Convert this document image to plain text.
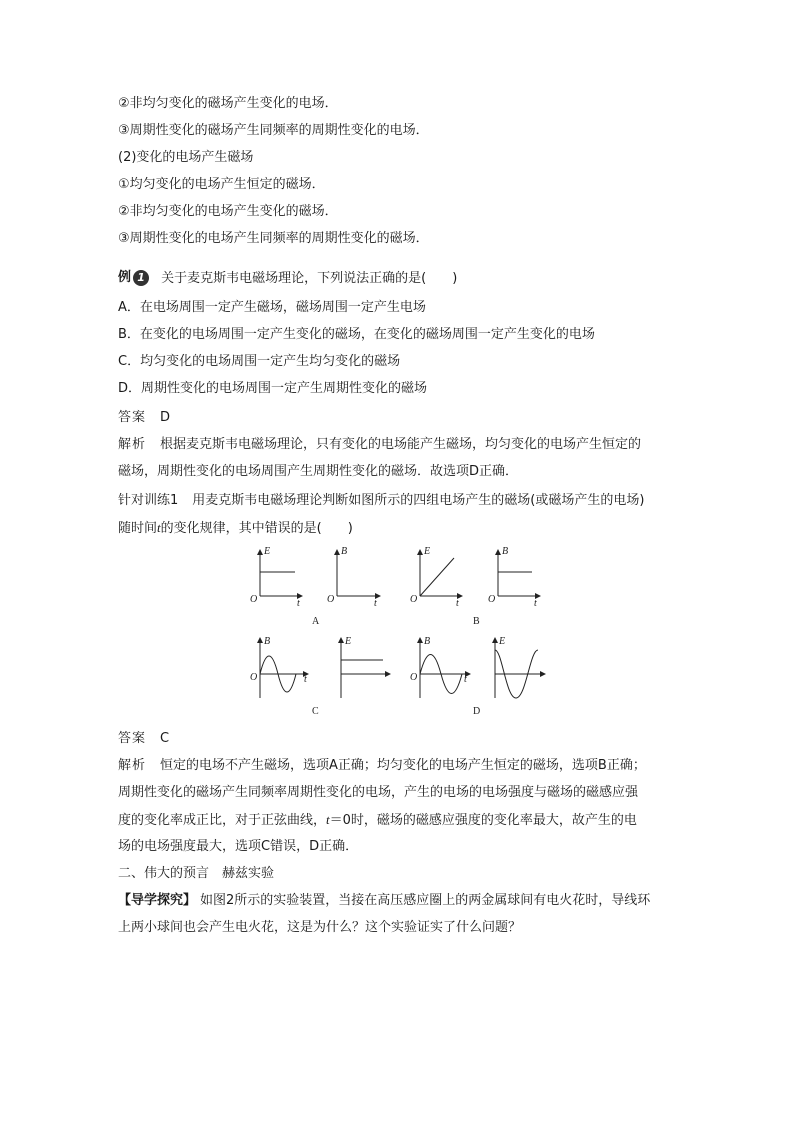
②非均匀变化的磁场产生变化的电场．
③周期性变化的磁场产生同频率的周期性变化的电场．
(2)变化的电场产生磁场
①均匀变化的电场产生恒定的磁场．
②非均匀变化的电场产生变化的磁场．
③周期性变化的电场产生同频率的周期性变化的磁场．
例 1 关于麦克斯韦电磁场理论，下列说法正确的是(　　)
A．在电场周围一定产生磁场，磁场周围一定产生电场
B．在变化的电场周围一定产生变化的磁场，在变化的磁场周围一定产生变化的电场
C．均匀变化的电场周围一定产生均匀变化的磁场
D．周期性变化的电场周围一定产生周期性变化的磁场
答案 D
解析 根据麦克斯韦电磁场理论，只有变化的电场能产生磁场，均匀变化的电场产生恒定的
磁场，周期性变化的电场周围产生周期性变化的磁场．故选项D正确．
针对训练1 用麦克斯韦电磁场理论判断如图所示的四组电场产生的磁场(或磁场产生的电场)
随时间t的变化规律，其中错误的是(　　)
E
O	t
B
O	t
E
O	t
B
O	t
B
O	t
E	B
O	t
E
A	B
C	D
答案 C
解析 恒定的电场不产生磁场，选项A正确；均匀变化的电场产生恒定的磁场，选项B正确；
周期性变化的磁场产生同频率周期性变化的电场，产生的电场的电场强度与磁场的磁感应强
度的变化率成正比，对于正弦曲线，t＝0时，磁场的磁感应强度的变化率最大，故产生的电
场的电场强度最大，选项C错误，D正确．
二、伟大的预言　赫兹实验
【导学探究】 如图2所示的实验装置，当接在高压感应圈上的两金属球间有电火花时，导线环
上两小球间也会产生电火花，这是为什么？这个实验证实了什么问题？
